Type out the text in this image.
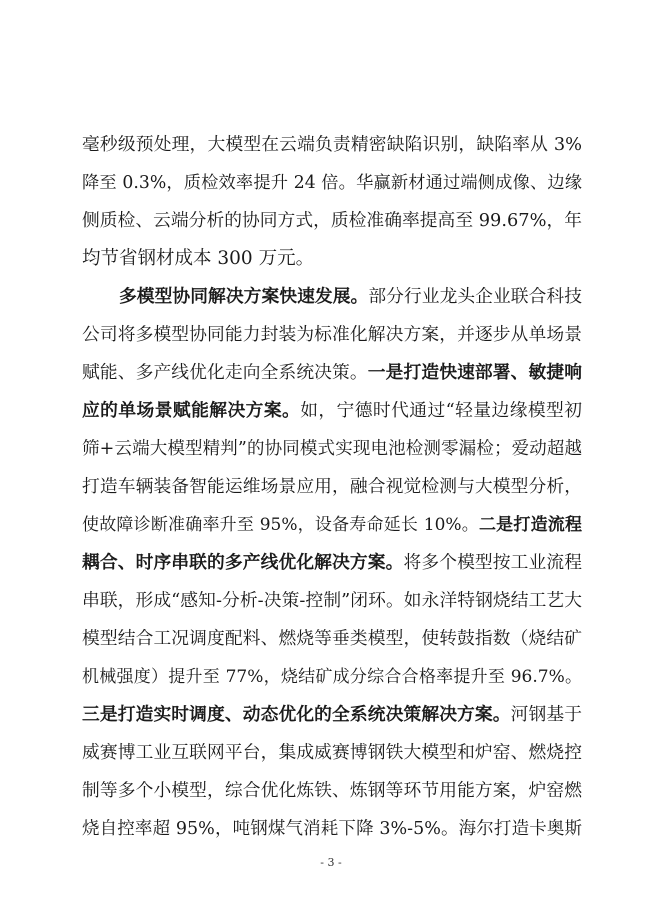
毫秒级预处理，大模型在云端负责精密缺陷识别，缺陷率从 3%
降至 0.3%，质检效率提升 24 倍。华赢新材通过端侧成像、边缘
侧质检、云端分析的协同方式，质检准确率提高至 99.67%，年
均节省钢材成本 300 万元。
多模型协同解决方案快速发展。部分行业龙头企业联合科技
公司将多模型协同能力封装为标准化解决方案，并逐步从单场景
赋能、多产线优化走向全系统决策。一是打造快速部署、敏捷响
应的单场景赋能解决方案。如，宁德时代通过“轻量边缘模型初
筛+云端大模型精判”的协同模式实现电池检测零漏检；爱动超越
打造车辆装备智能运维场景应用，融合视觉检测与大模型分析，
使故障诊断准确率升至 95%，设备寿命延长 10%。二是打造流程
耦合、时序串联的多产线优化解决方案。将多个模型按工业流程
串联，形成“感知-分析-决策-控制”闭环。如永洋特钢烧结工艺大
模型结合工况调度配料、燃烧等垂类模型，使转鼓指数（烧结矿
机械强度）提升至 77%，烧结矿成分综合合格率提升至 96.7%。
三是打造实时调度、动态优化的全系统决策解决方案。河钢基于
威赛博工业互联网平台，集成威赛博钢铁大模型和炉窑、燃烧控
制等多个小模型，综合优化炼铁、炼钢等环节用能方案，炉窑燃
烧自控率超 95%，吨钢煤气消耗下降 3%-5%。海尔打造卡奥斯
- 3 -
